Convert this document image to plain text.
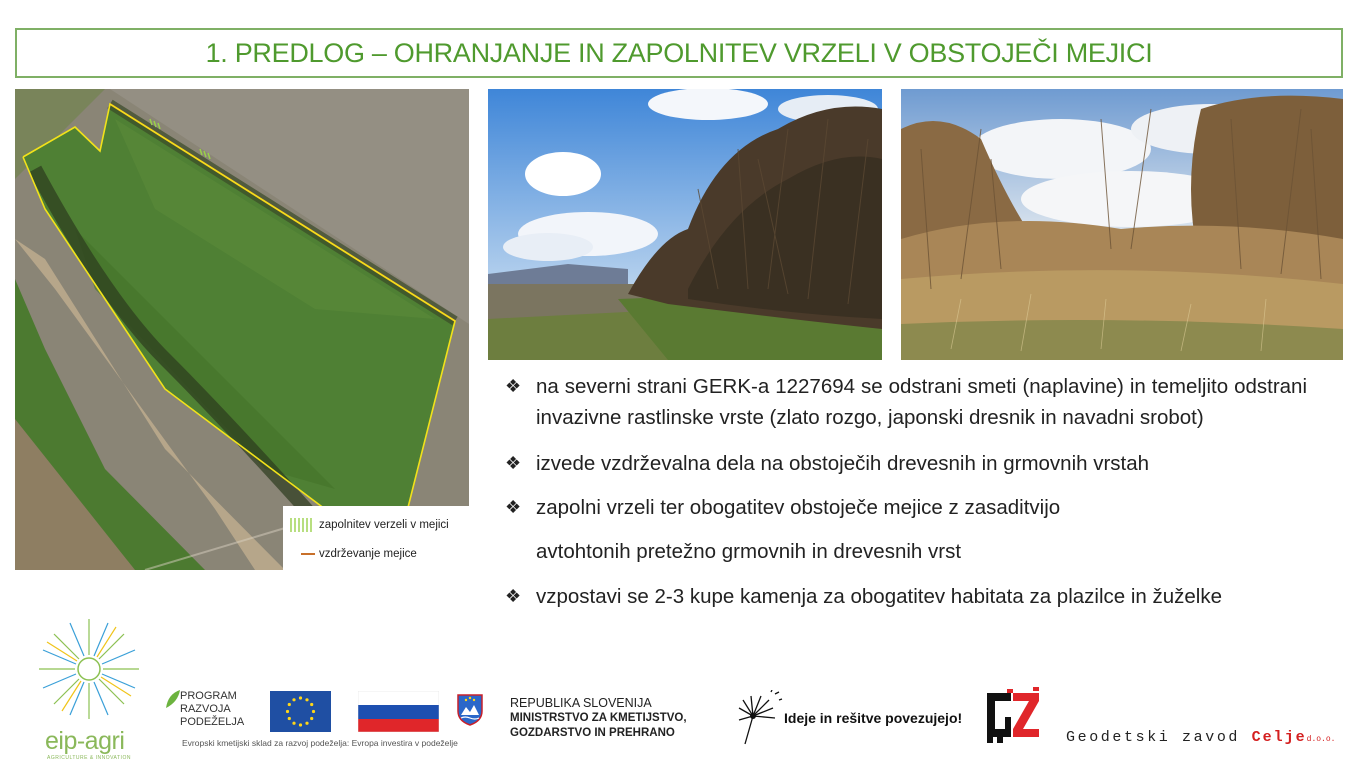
1. PREDLOG – OHRANJANJE IN ZAPOLNITEV VRZELI V OBSTOJEČI MEJICI
zapolnitev verzeli v mejici
vzdrževanje mejice
❖ na severni strani GERK-a 1227694 se odstrani smeti (naplavine) in temeljito odstrani invazivne rastlinske vrste (zlato rozgo, japonski dresnik in navadni srobot)
❖ izvede vzdrževalna dela na obstoječih drevesnih in grmovnih vrstah
❖ zapolni vrzeli ter obogatitev obstoječe mejice z zasaditvijo
avtohtonih pretežno grmovnih in drevesnih vrst
❖ vzpostavi se 2-3 kupe kamenja za obogatitev habitata za plazilce in žuželke
eip-agri
AGRICULTURE & INNOVATION
PROGRAM
RAZVOJA
PODEŽELJA
Evropski kmetijski sklad za razvoj podeželja: Evropa investira v podeželje
REPUBLIKA SLOVENIJA
MINISTRSTVO ZA KMETIJSTVO,
GOZDARSTVO IN PREHRANO
Ideje in rešitve povezujejo!
Geodetski zavod Celjed.o.o.
